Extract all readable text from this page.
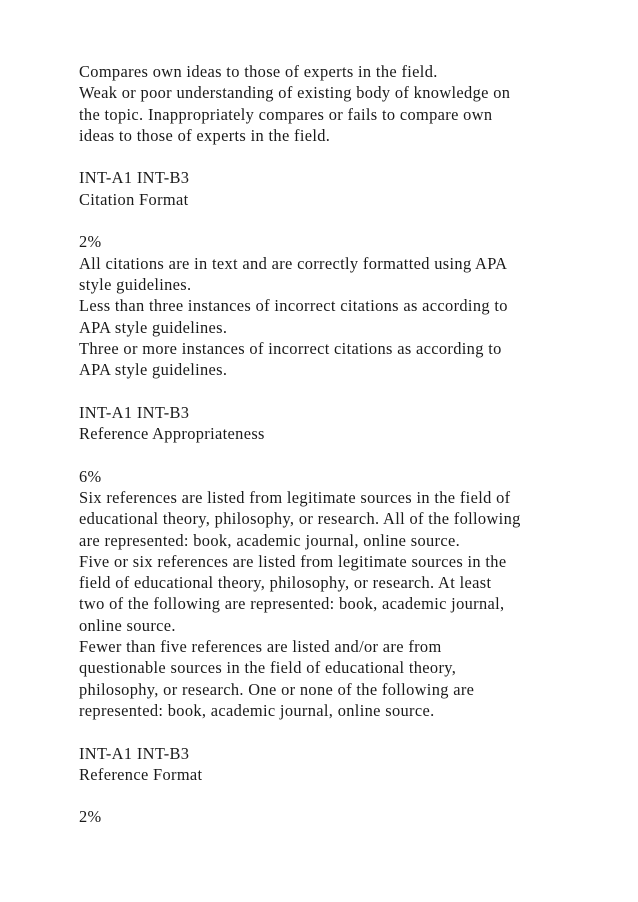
Compares own ideas to those of experts in the field.
Weak or poor understanding of existing body of knowledge on
the topic. Inappropriately compares or fails to compare own
ideas to those of experts in the field.
INT-A1 INT-B3
Citation Format
2%
All citations are in text and are correctly formatted using APA
style guidelines.
Less than three instances of incorrect citations as according to
APA style guidelines.
Three or more instances of incorrect citations as according to
APA style guidelines.
INT-A1 INT-B3
Reference Appropriateness
6%
Six references are listed from legitimate sources in the field of
educational theory, philosophy, or research. All of the following
are represented: book, academic journal, online source.
Five or six references are listed from legitimate sources in the
field of educational theory, philosophy, or research. At least
two of the following are represented: book, academic journal,
online source.
Fewer than five references are listed and/or are from
questionable sources in the field of educational theory,
philosophy, or research. One or none of the following are
represented: book, academic journal, online source.
INT-A1 INT-B3
Reference Format
2%
